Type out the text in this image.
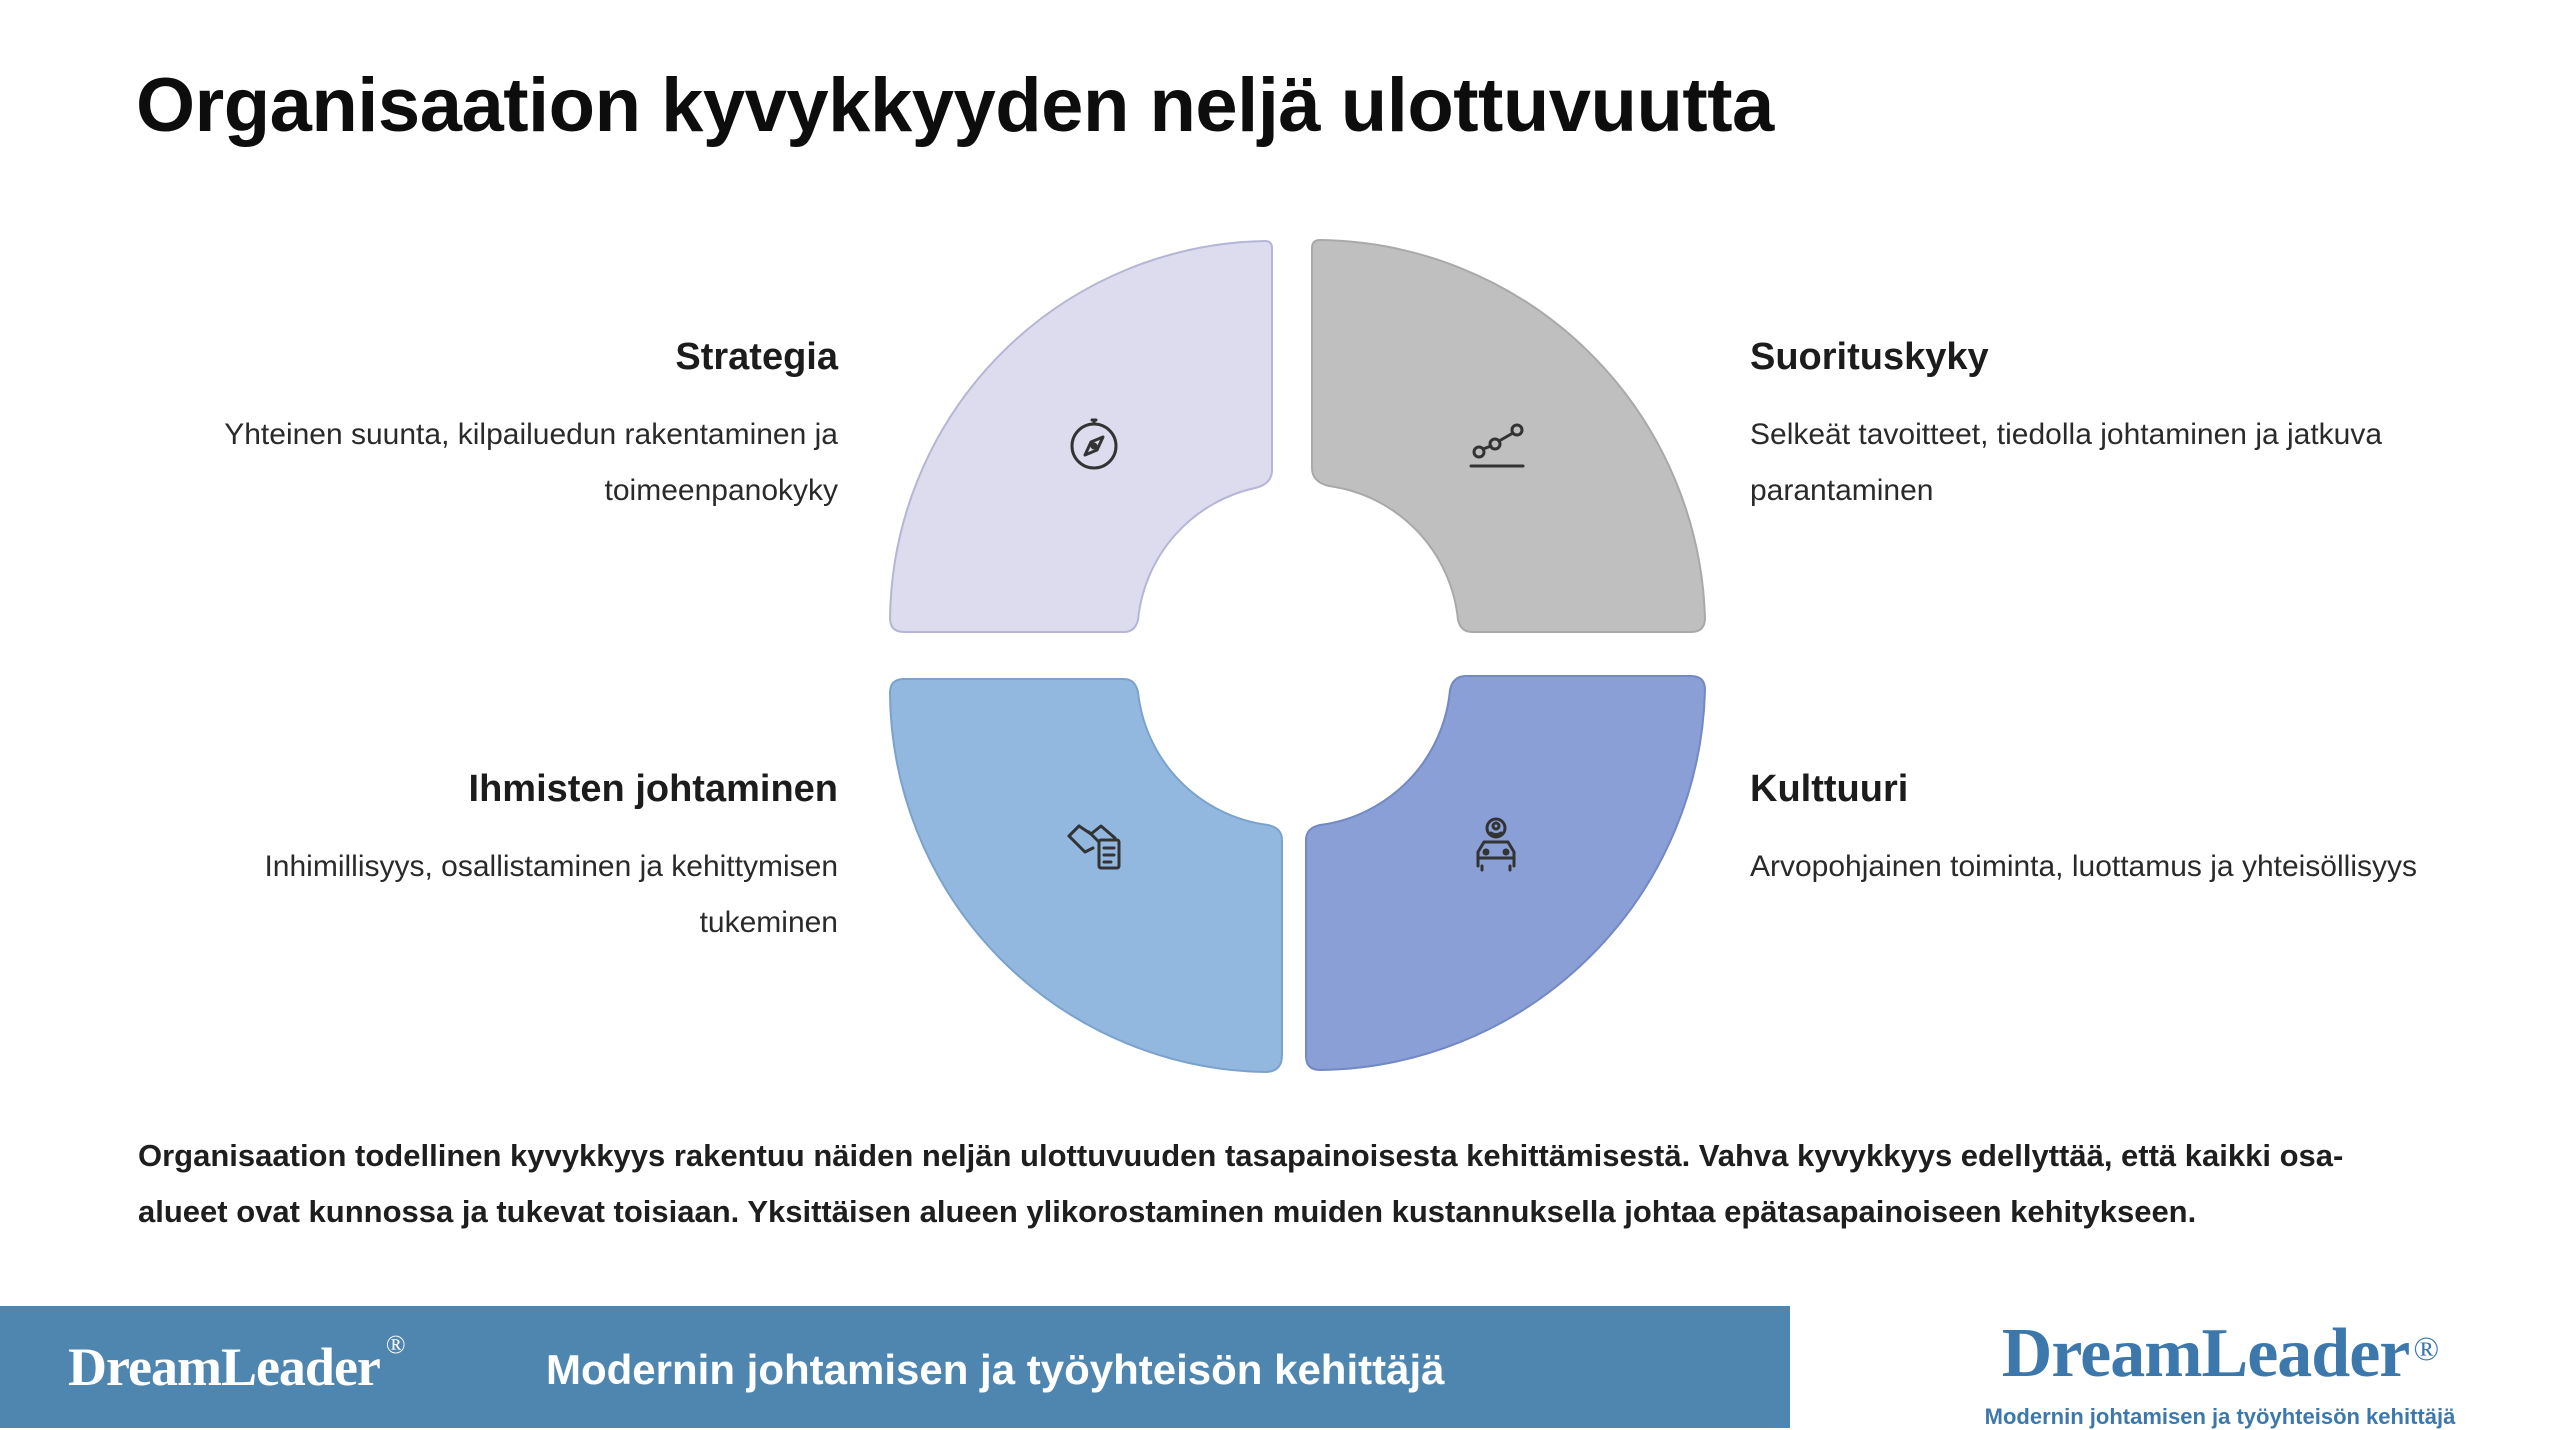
Organisaation kyvykkyyden neljä ulottuvuutta
Strategia

Yhteinen suunta, kilpailuedun rakentaminen ja toimeenpanokyky

Suorituskyky

Selkeät tavoitteet, tiedolla johtaminen ja jatkuva parantaminen

Ihmisten johtaminen

Inhimillisyys, osallistaminen ja kehittymisen tukeminen

Kulttuuri

Arvopohjainen toiminta, luottamus ja yhteisöllisyys

Organisaation todellinen kyvykkyys rakentuu näiden neljän ulottuvuuden tasapainoisesta kehittämisestä. Vahva kyvykkyys edellyttää, että kaikki osa-alueet ovat kunnossa ja tukevat toisiaan. Yksittäisen alueen ylikorostaminen muiden kustannuksella johtaa epätasapainoiseen kehitykseen.

DreamLeader ®
Modernin johtamisen ja työyhteisön kehittäjä	DreamLeader ®
Modernin johtamisen ja työyhteisön kehittäjä
